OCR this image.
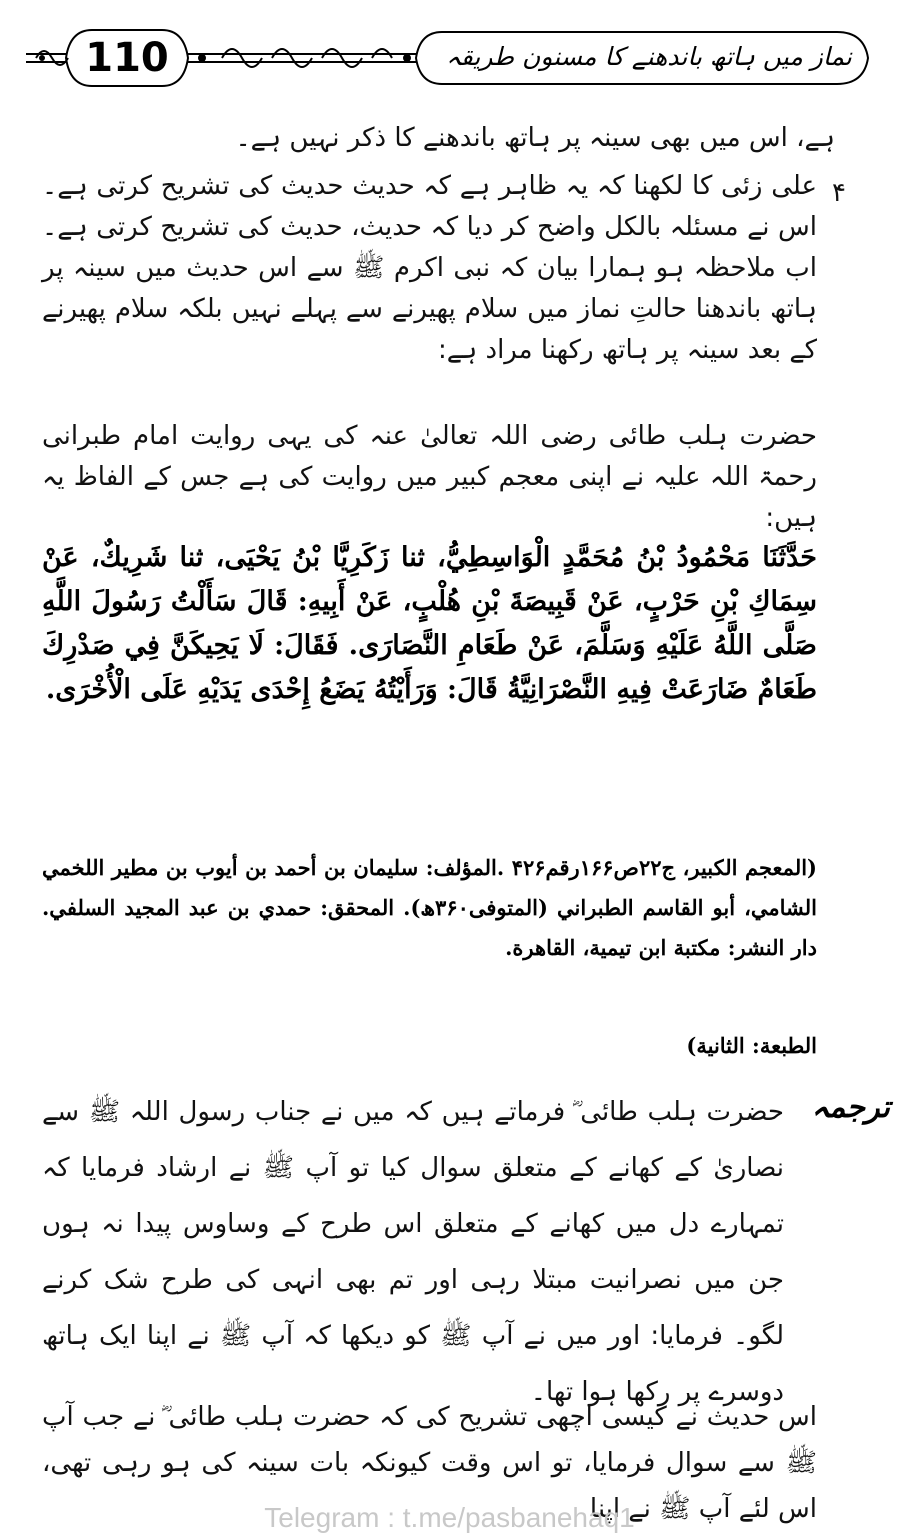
110	نماز میں ہاتھ باندھنے کا مسنون طریقہ
ہے، اس میں بھی سینہ پر ہاتھ باندھنے کا ذکر نہیں ہے۔
۴
علی زئی کا لکھنا کہ یہ ظاہر ہے کہ حدیث حدیث کی تشریح کرتی ہے۔ اس نے مسئلہ بالکل واضح کر دیا کہ حدیث، حدیث کی تشریح کرتی ہے۔ اب ملاحظہ ہو ہمارا بیان کہ نبی اکرم ﷺ سے اس حدیث میں سینہ پر ہاتھ باندھنا حالتِ نماز میں سلام پھیرنے سے پہلے نہیں بلکہ سلام پھیرنے کے بعد سینہ پر ہاتھ رکھنا مراد ہے:
حضرت ہلب طائی رضی اللہ تعالیٰ عنہ کی یہی روایت امام طبرانی رحمۃ اللہ علیہ نے اپنی معجم کبیر میں روایت کی ہے جس کے الفاظ یہ ہیں:
حَدَّثَنَا مَحْمُودُ بْنُ مُحَمَّدٍ الْوَاسِطِيُّ، ثنا زَكَرِيَّا بْنُ يَحْيَى، ثنا شَرِيكٌ، عَنْ سِمَاكِ بْنِ حَرْبٍ، عَنْ قَبِيصَةَ بْنِ هُلْبٍ، عَنْ أَبِيهِ: قَالَ سَأَلْتُ رَسُولَ اللَّهِ صَلَّى اللَّهُ عَلَيْهِ وَسَلَّمَ، عَنْ طَعَامِ النَّصَارَى. فَقَالَ: لَا يَحِيكَنَّ فِي صَدْرِكَ طَعَامٌ ضَارَعَتْ فِيهِ النَّصْرَانِيَّةُ قَالَ: وَرَأَيْتُهُ يَضَعُ إِحْدَى يَدَيْهِ عَلَى الْأُخْرَى.
(المعجم الكبير، ج۲۲ص۱۶۶رقم۴۲۶ .المؤلف: سليمان بن أحمد بن أيوب بن مطير اللخمي الشامي، أبو القاسم الطبراني (المتوفى۳۶۰ھ). المحقق: حمدي بن عبد المجيد السلفي. دار النشر: مكتبة ابن تيمية، القاهرة.
الطبعة: الثانية)
ترجمہ
حضرت ہلب طائی ؓ فرماتے ہیں کہ میں نے جناب رسول اللہ ﷺ سے نصاریٰ کے کھانے کے متعلق سوال کیا تو آپ ﷺ نے ارشاد فرمایا کہ تمہارے دل میں کھانے کے متعلق اس طرح کے وساوس پیدا نہ ہوں جن میں نصرانیت مبتلا رہی اور تم بھی انہی کی طرح شک کرنے لگو۔ فرمایا: اور میں نے آپ ﷺ کو دیکھا کہ آپ ﷺ نے اپنا ایک ہاتھ دوسرے پر رکھا ہوا تھا۔
اس حدیث نے کیسی اچھی تشریح کی کہ حضرت ہلب طائی ؓ نے جب آپ ﷺ سے سوال فرمایا، تو اس وقت کیونکہ بات سینہ کی ہو رہی تھی، اس لئے آپ ﷺ نے اپنا
Telegram : t.me/pasbanehaq1
